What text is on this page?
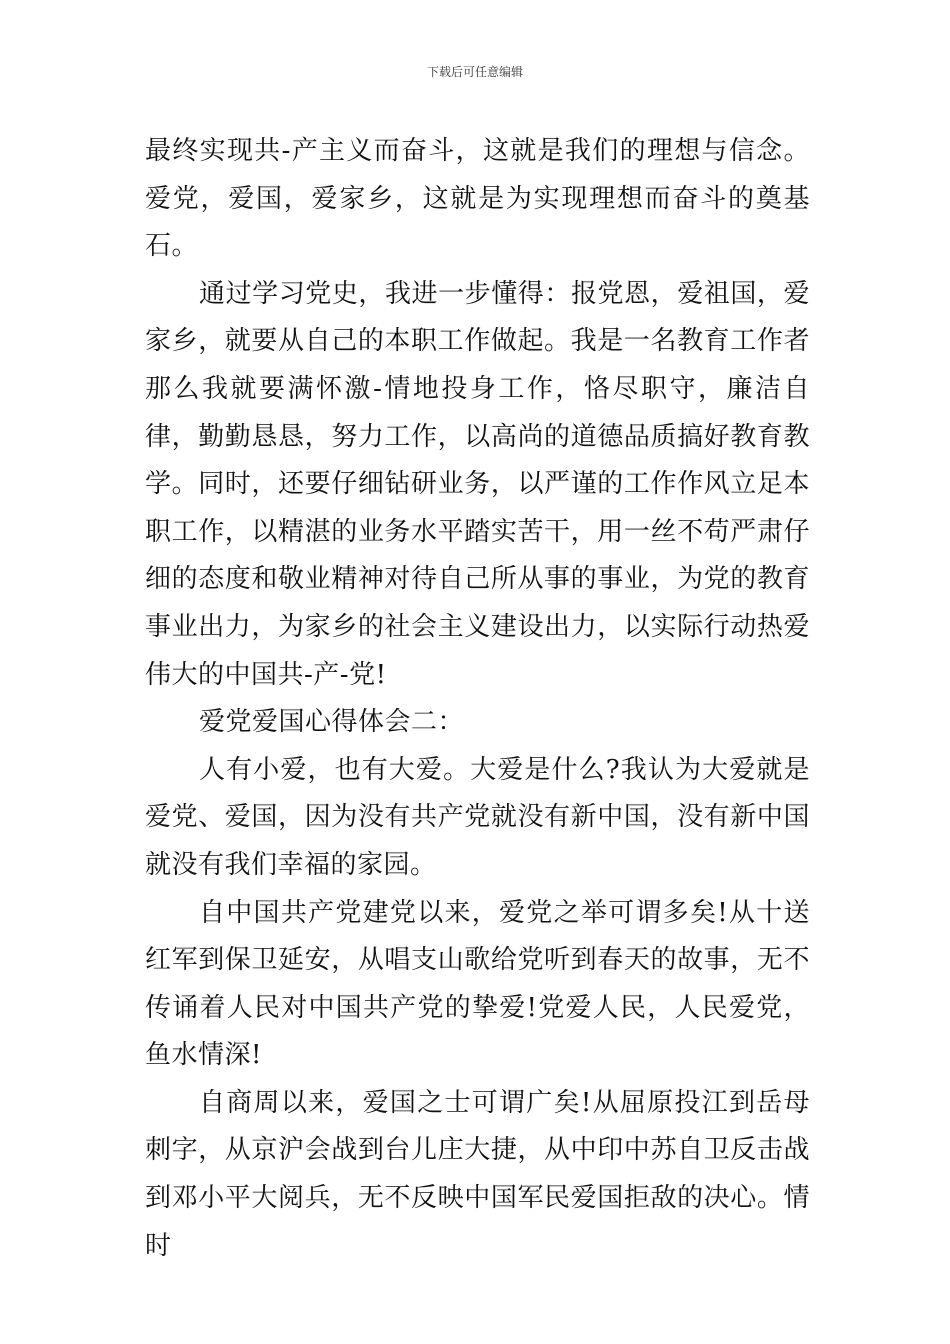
下载后可任意编辑

最终实现共-产主义而奋斗，这就是我们的理想与信念。爱党，爱国，爱家乡，这就是为实现理想而奋斗的奠基石。

通过学习党史，我进一步懂得：报党恩，爱祖国，爱家乡，就要从自己的本职工作做起。我是一名教育工作者那么我就要满怀激-情地投身工作，恪尽职守，廉洁自律，勤勤恳恳，努力工作，以高尚的道德品质搞好教育教学。同时，还要仔细钻研业务，以严谨的工作作风立足本职工作，以精湛的业务水平踏实苦干，用一丝不苟严肃仔细的态度和敬业精神对待自己所从事的事业，为党的教育事业出力，为家乡的社会主义建设出力，以实际行动热爱伟大的中国共-产-党!

爱党爱国心得体会二：

人有小爱，也有大爱。大爱是什么?我认为大爱就是爱党、爱国，因为没有共产党就没有新中国，没有新中国就没有我们幸福的家园。

自中国共产党建党以来，爱党之举可谓多矣!从十送红军到保卫延安，从唱支山歌给党听到春天的故事，无不传诵着人民对中国共产党的挚爱!党爱人民，人民爱党，鱼水情深!

自商周以来，爱国之士可谓广矣!从屈原投江到岳母刺字，从京沪会战到台儿庄大捷，从中印中苏自卫反击战到邓小平大阅兵，无不反映中国军民爱国拒敌的决心。情时
